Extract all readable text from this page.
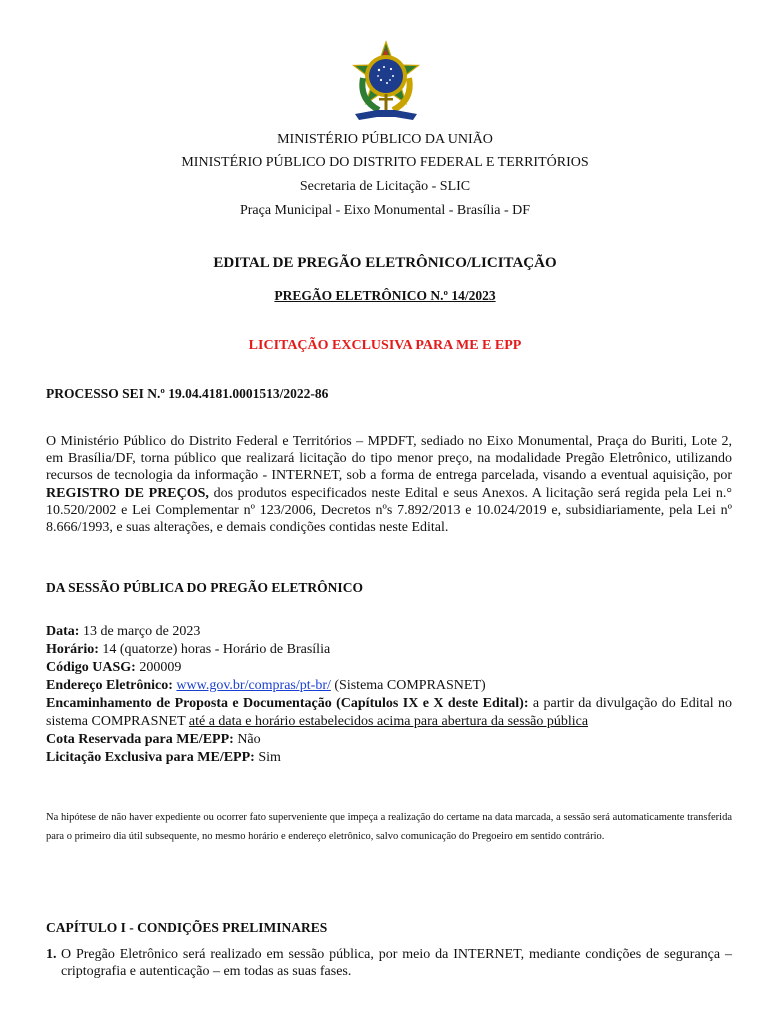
MINISTÉRIO PÚBLICO DA UNIÃO
MINISTÉRIO PÚBLICO DO DISTRITO FEDERAL E TERRITÓRIOS
Secretaria de Licitação - SLIC
Praça Municipal - Eixo Monumental - Brasília - DF
EDITAL DE PREGÃO ELETRÔNICO/LICITAÇÃO
PREGÃO ELETRÔNICO N.º 14/2023
LICITAÇÃO EXCLUSIVA PARA ME E EPP
PROCESSO SEI N.º 19.04.4181.0001513/2022-86
O Ministério Público do Distrito Federal e Territórios – MPDFT, sediado no Eixo Monumental, Praça do Buriti, Lote 2, em Brasília/DF, torna público que realizará licitação do tipo menor preço, na modalidade Pregão Eletrônico, utilizando recursos de tecnologia da informação - INTERNET, sob a forma de entrega parcelada, visando a eventual aquisição, por REGISTRO DE PREÇOS, dos produtos especificados neste Edital e seus Anexos. A licitação será regida pela Lei n.° 10.520/2002 e Lei Complementar nº 123/2006, Decretos nºs 7.892/2013 e 10.024/2019 e, subsidiariamente, pela Lei nº 8.666/1993, e suas alterações, e demais condições contidas neste Edital.
DA SESSÃO PÚBLICA DO PREGÃO ELETRÔNICO
Data: 13 de março de 2023
Horário: 14 (quatorze) horas - Horário de Brasília
Código UASG: 200009
Endereço Eletrônico: www.gov.br/compras/pt-br/ (Sistema COMPRASNET)
Encaminhamento de Proposta e Documentação (Capítulos IX e X deste Edital): a partir da divulgação do Edital no sistema COMPRASNET até a data e horário estabelecidos acima para abertura da sessão pública
Cota Reservada para ME/EPP: Não
Licitação Exclusiva para ME/EPP: Sim
Na hipótese de não haver expediente ou ocorrer fato superveniente que impeça a realização do certame na data marcada, a sessão será automaticamente transferida para o primeiro dia útil subsequente, no mesmo horário e endereço eletrônico, salvo comunicação do Pregoeiro em sentido contrário.
CAPÍTULO I - CONDIÇÕES PRELIMINARES
1. O Pregão Eletrônico será realizado em sessão pública, por meio da INTERNET, mediante condições de segurança – criptografia e autenticação – em todas as suas fases.
